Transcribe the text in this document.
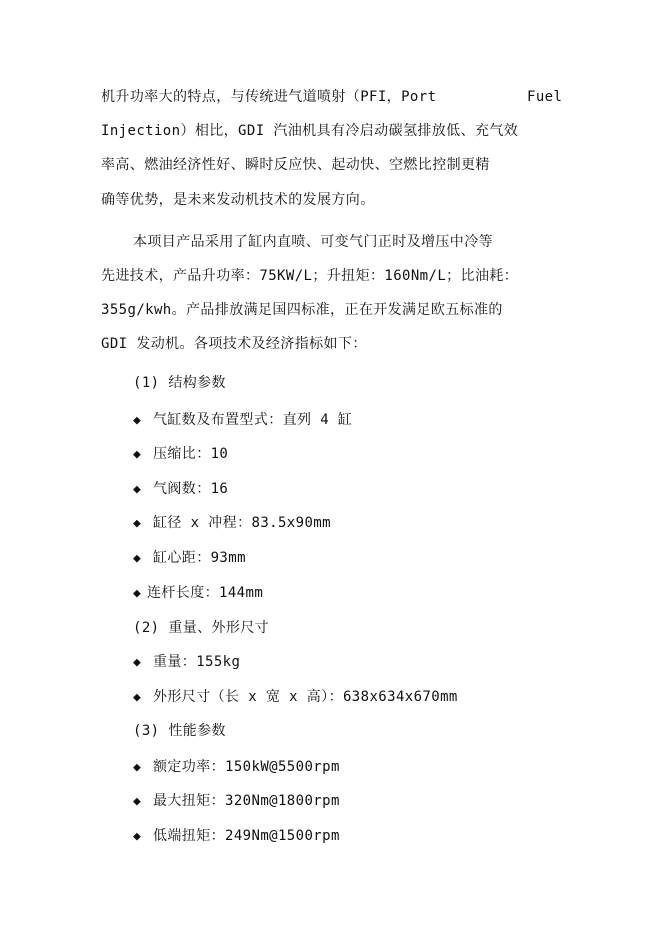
机升功率大的特点，与传统进气道喷射（PFI，Port	Fuel
Injection）相比，GDI 汽油机具有冷启动碳氢排放低、充气效
率高、燃油经济性好、瞬时反应快、起动快、空燃比控制更精
确等优势，是未来发动机技术的发展方向。
本项目产品采用了缸内直喷、可变气门正时及增压中冷等
先进技术，产品升功率：75KW/L；升扭矩：160Nm/L；比油耗：
355g/kwh。产品排放满足国四标准，正在开发满足欧五标准的
GDI 发动机。各项技术及经济指标如下：
(1) 结构参数
◆ 气缸数及布置型式：直列 4 缸
◆ 压缩比：10
◆ 气阀数：16
◆ 缸径 x 冲程：83.5x90mm
◆ 缸心距：93mm
◆ 连杆长度：144mm
(2) 重量、外形尺寸
◆ 重量：155kg
◆ 外形尺寸（长 x 宽 x 高）：638x634x670mm
(3) 性能参数
◆ 额定功率：150kW@5500rpm
◆ 最大扭矩：320Nm@1800rpm
◆ 低端扭矩：249Nm@1500rpm
